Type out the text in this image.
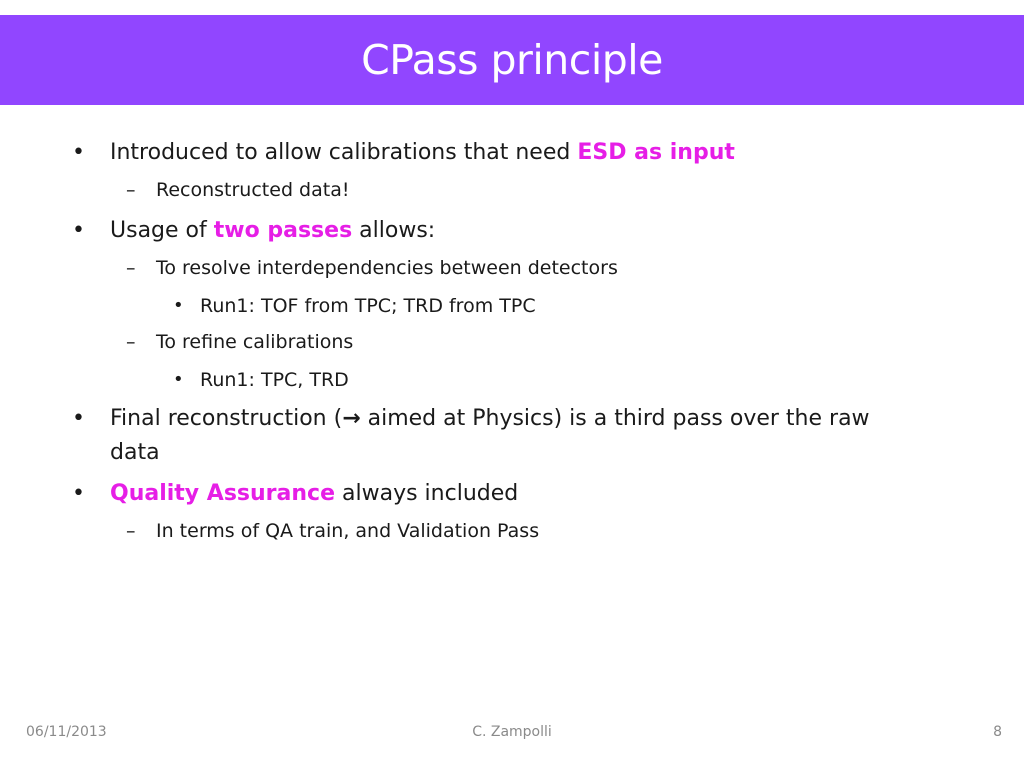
CPass principle
• Introduced to allow calibrations that need ESD as input
– Reconstructed data!
• Usage of two passes allows:
– To resolve interdependencies between detectors
• Run1: TOF from TPC; TRD from TPC
– To refine calibrations
• Run1: TPC, TRD
• Final reconstruction (→ aimed at Physics) is a third pass over the raw
data
• Quality Assurance always included
– In terms of QA train, and Validation Pass
06/11/2013	C. Zampolli	8
